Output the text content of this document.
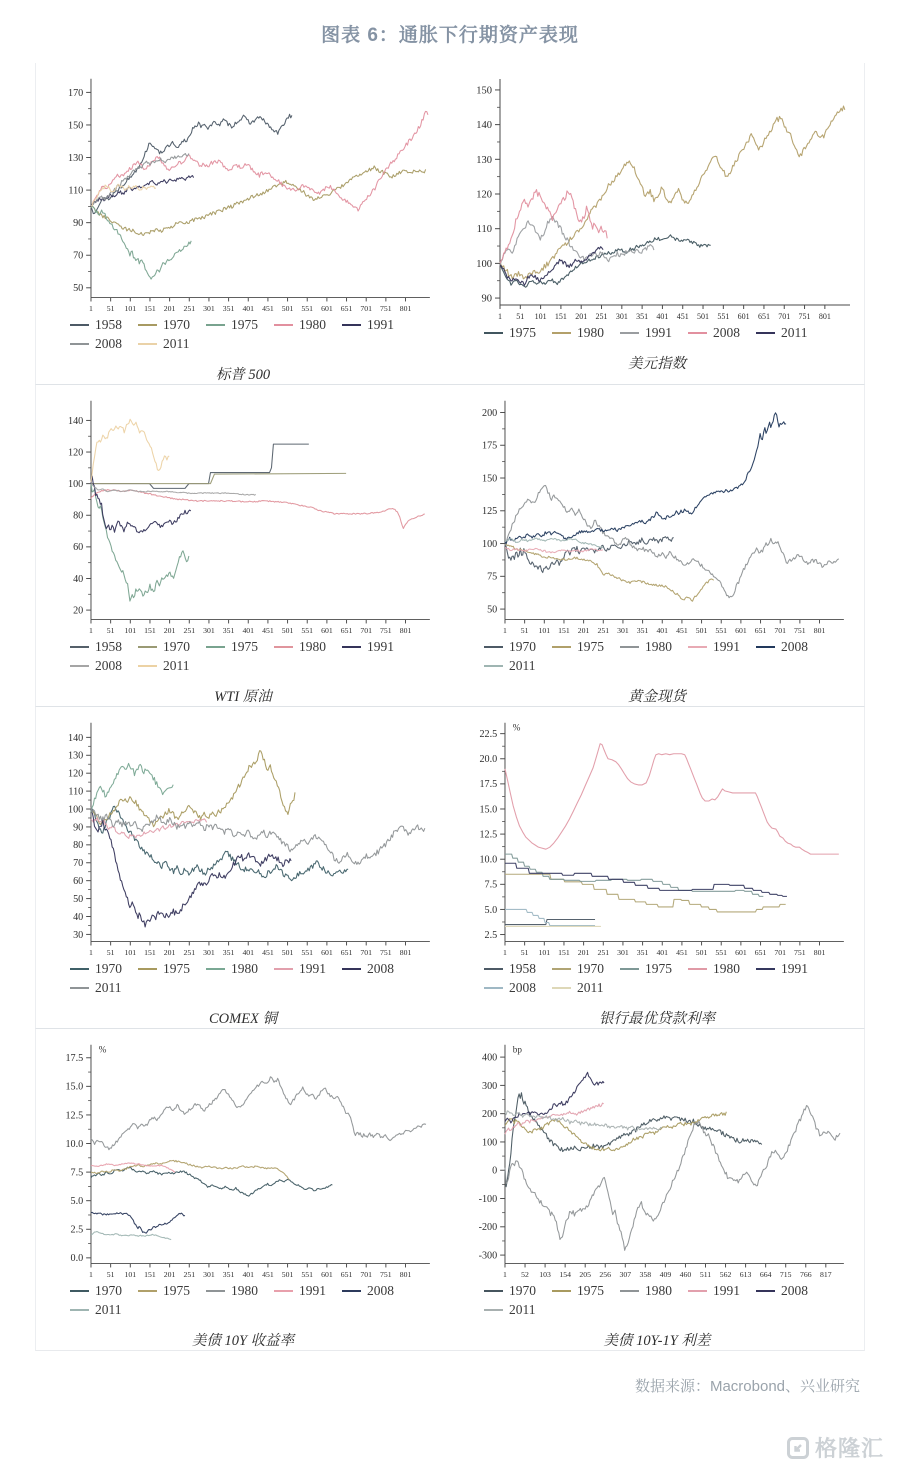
图表 6：通胀下行期资产表现
50
70
90
110
130
150
170
1 51 101 151 201 251 301 351 401 451 501 551 601 651 701 751 801
1958	1970	1975	1980	1991
2008	2011
标普 500
90
100
110
120
130
140
150
1 51 101 151 201 251 301 351 401 451 501 551 601 651 701 751 801
1975	1980	1991	2008	2011
美元指数
20
40
60
80
100
120
140
1 51 101 151 201 251 301 351 401 451 501 551 601 651 701 751 801
1958	1970	1975	1980	1991
2008	2011
WTI 原油
50
75
100
125
150
175
200
1 51 101 151 201 251 301 351 401 451 501 551 601 651 701 751 801
1970	1975	1980	1991	2008
2011
黄金现货
30
40
50
60
70
80
90
100
110
120
130
140
1 51 101 151 201 251 301 351 401 451 501 551 601 651 701 751 801
1970	1975	1980	1991	2008
2011
COMEX 铜
2.5
5.0
7.5
10.0
12.5
15.0
17.5
20.0
22.5
1 51 101 151 201 251 301 351 401 451 501 551 601 651 701 751 801
%
1958	1970	1975	1980	1991
2008	2011
银行最优贷款利率
0.0
2.5
5.0
7.5
10.0
12.5
15.0
17.5
1 51 101 151 201 251 301 351 401 451 501 551 601 651 701 751 801
%
1970	1975	1980	1991	2008
2011
美债 10Y 收益率
-300
-200
-100
0
100
200
300
400
1 52 103 154 205 256 307 358 409 460 511 562 613 664 715 766 817
bp
1970	1975	1980	1991	2008
2011
美债 10Y-1Y 利差
数据来源：Macrobond、兴业研究
格隆汇
